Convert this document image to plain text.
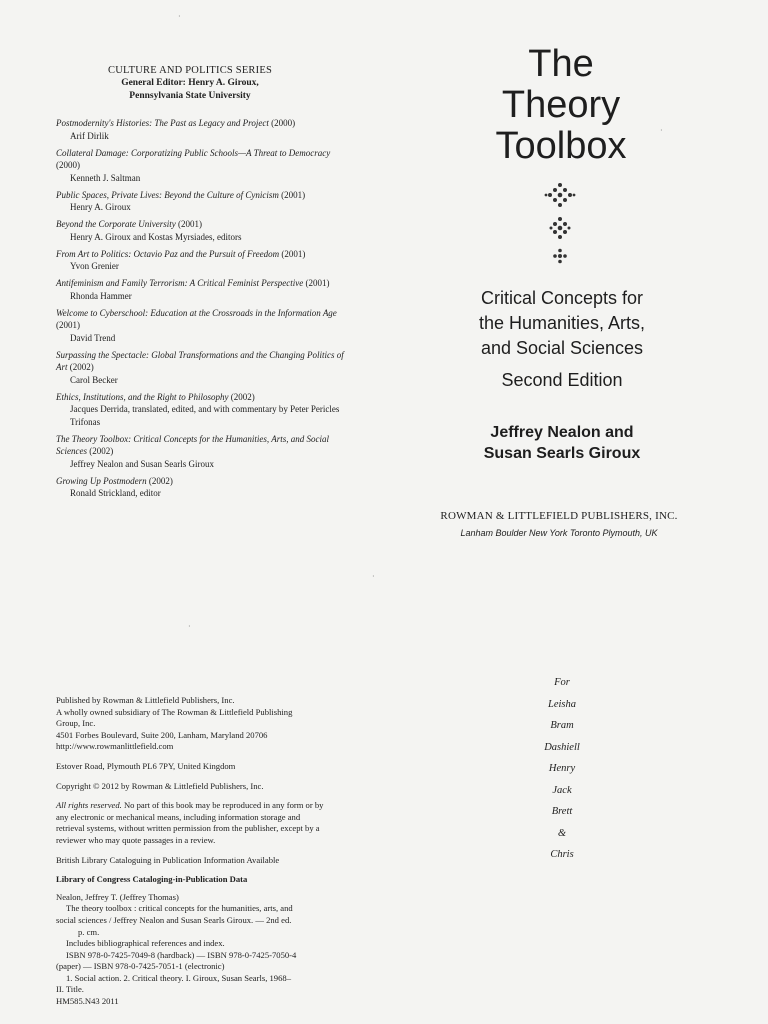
CULTURE AND POLITICS SERIES
General Editor: Henry A. Giroux,
Pennsylvania State University
Postmodernity's Histories: The Past as Legacy and Project (2000)
Arif Dirlik
Collateral Damage: Corporatizing Public Schools—A Threat to Democracy (2000)
Kenneth J. Saltman
Public Spaces, Private Lives: Beyond the Culture of Cynicism (2001)
Henry A. Giroux
Beyond the Corporate University (2001)
Henry A. Giroux and Kostas Myrsiades, editors
From Art to Politics: Octavio Paz and the Pursuit of Freedom (2001)
Yvon Grenier
Antifeminism and Family Terrorism: A Critical Feminist Perspective (2001)
Rhonda Hammer
Welcome to Cyberschool: Education at the Crossroads in the Information Age (2001)
David Trend
Surpassing the Spectacle: Global Transformations and the Changing Politics of Art (2002)
Carol Becker
Ethics, Institutions, and the Right to Philosophy (2002)
Jacques Derrida, translated, edited, and with commentary by Peter Pericles Trifonas
The Theory Toolbox: Critical Concepts for the Humanities, Arts, and Social Sciences (2002)
Jeffrey Nealon and Susan Searls Giroux
Growing Up Postmodern (2002)
Ronald Strickland, editor
The
Theory
Toolbox
Critical Concepts for
the Humanities, Arts,
and Social Sciences
Second Edition
Jeffrey Nealon and
Susan Searls Giroux
ROWMAN & LITTLEFIELD PUBLISHERS, INC.
Lanham Boulder New York Toronto Plymouth, UK

Published by Rowman & Littlefield Publishers, Inc.
A wholly owned subsidiary of The Rowman & Littlefield Publishing
Group, Inc.
4501 Forbes Boulevard, Suite 200, Lanham, Maryland 20706
http://www.rowmanlittlefield.com

Estover Road, Plymouth PL6 7PY, United Kingdom

Copyright © 2012 by Rowman & Littlefield Publishers, Inc.

All rights reserved. No part of this book may be reproduced in any form or by any electronic or mechanical means, including information storage and retrieval systems, without written permission from the publisher, except by a reviewer who may quote passages in a review.

British Library Cataloguing in Publication Information Available

Library of Congress Cataloging-in-Publication Data

Nealon, Jeffrey T. (Jeffrey Thomas)
The theory toolbox : critical concepts for the humanities, arts, and
social sciences / Jeffrey Nealon and Susan Searls Giroux. — 2nd ed.
p. cm.
Includes bibliographical references and index.
ISBN 978-0-7425-7049-8 (hardback) — ISBN 978-0-7425-7050-4
(paper) — ISBN 978-0-7425-7051-1 (electronic)
1. Social action. 2. Critical theory. I. Giroux, Susan Searls, 1968–
II. Title.
HM585.N43 2011
For
Leisha
Bram
Dashiell
Henry
Jack
Brett
&
Chris
·
·
·
·
